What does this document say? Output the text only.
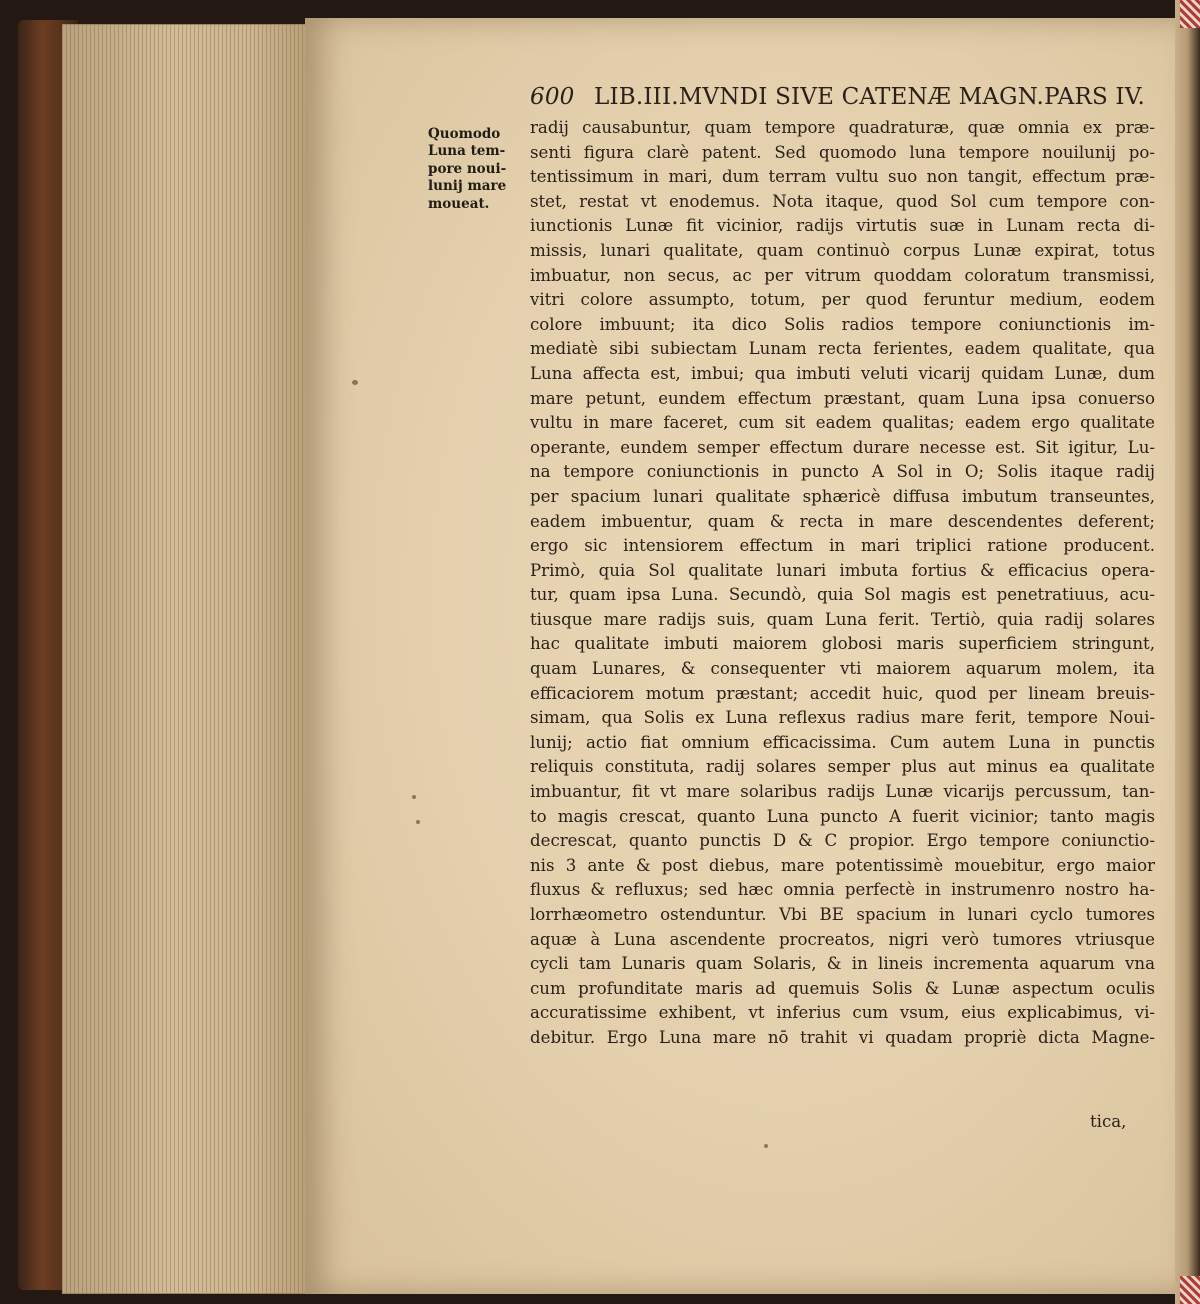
600 LIB.III.MVNDI SIVE CATENÆ MAGN.PARS IV.
Quomodo
Luna tem-
pore noui-
lunij mare
moueat.
radij causabuntur, quam tempore quadraturæ, quæ omnia ex præ-
senti figura clarè patent. Sed quomodo luna tempore nouilunij po-
tentissimum in mari, dum terram vultu suo non tangit, effectum præ-
stet, restat vt enodemus. Nota itaque, quod Sol cum tempore con-
iunctionis Lunæ fit vicinior, radijs virtutis suæ in Lunam recta di-
missis, lunari qualitate, quam continuò corpus Lunæ expirat, totus
imbuatur, non secus, ac per vitrum quoddam coloratum transmissi,
vitri colore assumpto, totum, per quod feruntur medium, eodem
colore imbuunt; ita dico Solis radios tempore coniunctionis im-
mediatè sibi subiectam Lunam recta ferientes, eadem qualitate, qua
Luna affecta est, imbui; qua imbuti veluti vicarij quidam Lunæ, dum
mare petunt, eundem effectum præstant, quam Luna ipsa conuerso
vultu in mare faceret, cum sit eadem qualitas; eadem ergo qualitate
operante, eundem semper effectum durare necesse est. Sit igitur, Lu-
na tempore coniunctionis in puncto A Sol in O; Solis itaque radij
per spacium lunari qualitate sphæricè diffusa imbutum transeuntes,
eadem imbuentur, quam & recta in mare descendentes deferent;
ergo sic intensiorem effectum in mari triplici ratione producent.
Primò, quia Sol qualitate lunari imbuta fortius & efficacius opera-
tur, quam ipsa Luna. Secundò, quia Sol magis est penetratiuus, acu-
tiusque mare radijs suis, quam Luna ferit. Tertiò, quia radij solares
hac qualitate imbuti maiorem globosi maris superficiem stringunt,
quam Lunares, & consequenter vti maiorem aquarum molem, ita
efficaciorem motum præstant; accedit huic, quod per lineam breuis-
simam, qua Solis ex Luna reflexus radius mare ferit, tempore Noui-
lunij; actio fiat omnium efficacissima. Cum autem Luna in punctis
reliquis constituta, radij solares semper plus aut minus ea qualitate
imbuantur, fit vt mare solaribus radijs Lunæ vicarijs percussum, tan-
to magis crescat, quanto Luna puncto A fuerit vicinior; tanto magis
decrescat, quanto punctis D & C propior. Ergo tempore coniunctio-
nis 3 ante & post diebus, mare potentissimè mouebitur, ergo maior
fluxus & refluxus; sed hæc omnia perfectè in instrumenro nostro ha-
lorrhæometro ostenduntur. Vbi BE spacium in lunari cyclo tumores
aquæ à Luna ascendente procreatos, nigri verò tumores vtriusque
cycli tam Lunaris quam Solaris, & in lineis incrementa aquarum vna
cum profunditate maris ad quemuis Solis & Lunæ aspectum oculis
accuratissime exhibent, vt inferius cum vsum, eius explicabimus, vi-
debitur. Ergo Luna mare nō trahit vi quadam propriè dicta Magne-
tica,
